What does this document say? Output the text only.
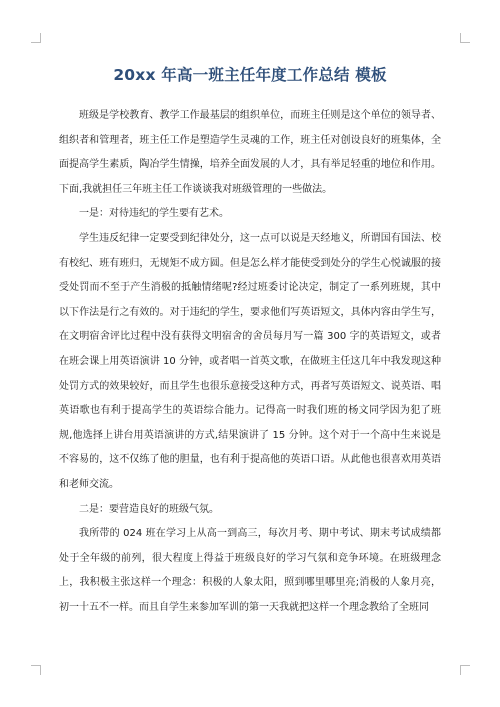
20xx 年高一班主任年度工作总结 模板

班级是学校教育、教学工作最基层的组织单位，而班主任则是这个单位的领导者、组织者和管理者，班主任工作是塑造学生灵魂的工作，班主任对创设良好的班集体，全面提高学生素质，陶冶学生情操，培养全面发展的人才，具有举足轻重的地位和作用。下面,我就担任三年班主任工作谈谈我对班级管理的一些做法。

一是：对待违纪的学生要有艺术。

学生违反纪律一定要受到纪律处分，这一点可以说是天经地义，所谓国有国法、校有校纪、班有班归，无规矩不成方圆。但是怎么样才能使受到处分的学生心悦诚服的接受处罚而不至于产生消极的抵触情绪呢?经过班委讨论决定，制定了一系列班规，其中以下作法是行之有效的。对于违纪的学生，要求他们写英语短文，具体内容由学生写，在文明宿舍评比过程中没有获得文明宿舍的舍员每月写一篇 300 字的英语短文，或者在班会课上用英语演讲 10 分钟，或者唱一首英文歌，在做班主任这几年中我发现这种处罚方式的效果较好，而且学生也很乐意接受这种方式，再者写英语短文、说英语、唱英语歌也有利于提高学生的英语综合能力。记得高一时我们班的杨文同学因为犯了班规,他选择上讲台用英语演讲的方式,结果演讲了 15 分钟。这个对于一个高中生来说是不容易的，这不仅练了他的胆量，也有利于提高他的英语口语。从此他也很喜欢用英语和老师交流。

二是：要营造良好的班级气氛。

我所带的 024 班在学习上从高一到高三，每次月考、期中考试、期末考试成绩都处于全年级的前列，很大程度上得益于班级良好的学习气氛和竞争环境。在班级理念上，我积极主张这样一个理念：积极的人象太阳，照到哪里哪里亮;消极的人象月亮，初一十五不一样。而且自学生来参加军训的第一天我就把这样一个理念教给了全班同
